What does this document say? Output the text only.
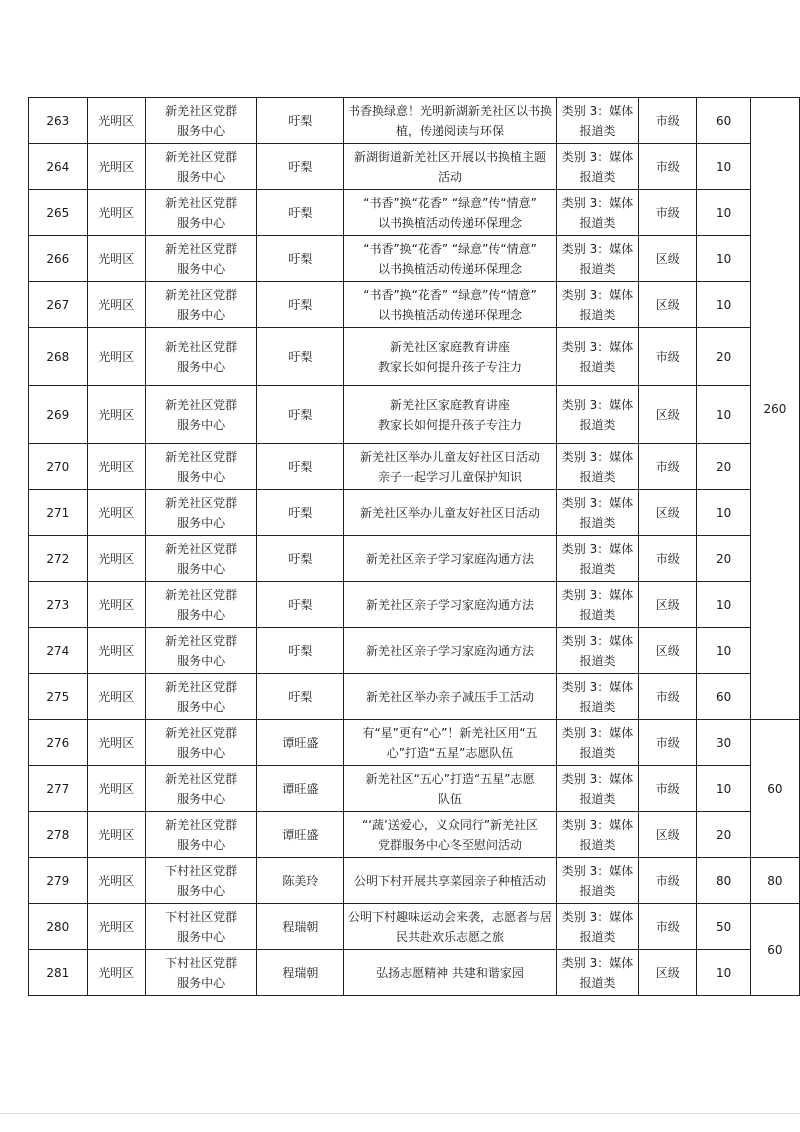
263	光明区	新羌社区党群
服务中心	吁梨	书香换绿意！光明新湖新羌社区以书换
植，传递阅读与环保	类别 3：媒体
报道类	市级	60	260
264	光明区	新羌社区党群
服务中心	吁梨	新湖街道新羌社区开展以书换植主题
活动	类别 3：媒体
报道类	市级	10	
265	光明区	新羌社区党群
服务中心	吁梨	“书香”换“花香” “绿意”传“情意”
以书换植活动传递环保理念	类别 3：媒体
报道类	市级	10	
266	光明区	新羌社区党群
服务中心	吁梨	“书香”换“花香” “绿意”传“情意”
以书换植活动传递环保理念	类别 3：媒体
报道类	区级	10	
267	光明区	新羌社区党群
服务中心	吁梨	“书香”换“花香” “绿意”传“情意”
以书换植活动传递环保理念	类别 3：媒体
报道类	区级	10	
268	光明区	新羌社区党群
服务中心	吁梨	新羌社区家庭教育讲座
教家长如何提升孩子专注力	类别 3：媒体
报道类	市级	20	
269	光明区	新羌社区党群
服务中心	吁梨	新羌社区家庭教育讲座
教家长如何提升孩子专注力	类别 3：媒体
报道类	区级	10	
270	光明区	新羌社区党群
服务中心	吁梨	新羌社区举办儿童友好社区日活动
亲子一起学习儿童保护知识	类别 3：媒体
报道类	市级	20	
271	光明区	新羌社区党群
服务中心	吁梨	新羌社区举办儿童友好社区日活动	类别 3：媒体
报道类	区级	10	
272	光明区	新羌社区党群
服务中心	吁梨	新羌社区亲子学习家庭沟通方法	类别 3：媒体
报道类	市级	20	
273	光明区	新羌社区党群
服务中心	吁梨	新羌社区亲子学习家庭沟通方法	类别 3：媒体
报道类	区级	10	
274	光明区	新羌社区党群
服务中心	吁梨	新羌社区亲子学习家庭沟通方法	类别 3：媒体
报道类	区级	10	
275	光明区	新羌社区党群
服务中心	吁梨	新羌社区举办亲子减压手工活动	类别 3：媒体
报道类	市级	60	
276	光明区	新羌社区党群
服务中心	谭旺盛	有“星”更有“心”！新羌社区用“五
心”打造“五星”志愿队伍	类别 3：媒体
报道类	市级	30	60
277	光明区	新羌社区党群
服务中心	谭旺盛	新羌社区“五心”打造“五星”志愿
队伍	类别 3：媒体
报道类	市级	10	
278	光明区	新羌社区党群
服务中心	谭旺盛	“‘蔬’送爱心，义众同行”新羌社区
党群服务中心冬至慰问活动	类别 3：媒体
报道类	区级	20	
279	光明区	下村社区党群
服务中心	陈美玲	公明下村开展共享菜园亲子种植活动	类别 3：媒体
报道类	市级	80	80
280	光明区	下村社区党群
服务中心	程瑞朝	公明下村趣味运动会来袭，志愿者与居
民共赴欢乐志愿之旅	类别 3：媒体
报道类	市级	50	60
281	光明区	下村社区党群
服务中心	程瑞朝	弘扬志愿精神 共建和谐家园	类别 3：媒体
报道类	区级	10	
